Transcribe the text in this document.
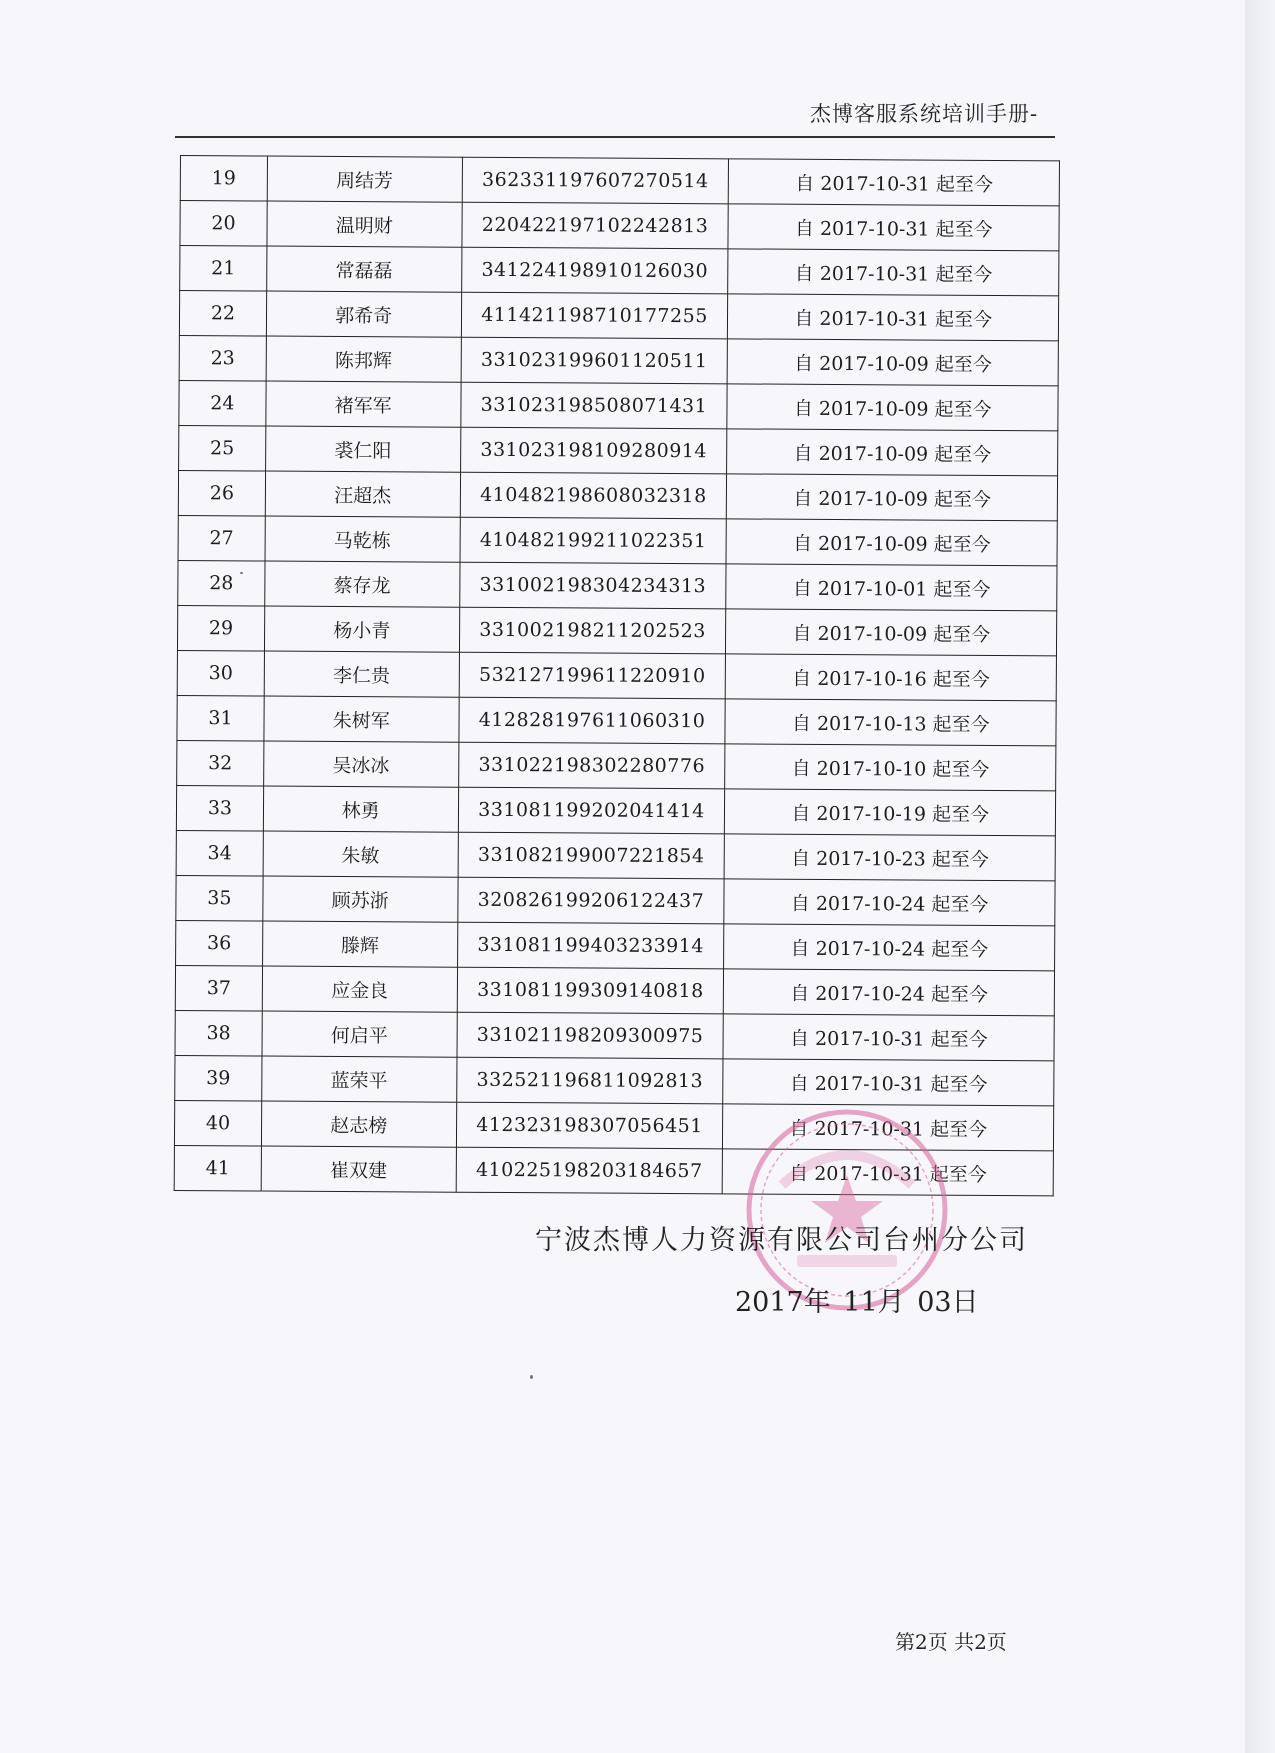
杰博客服系统培训手册-
19	周结芳	362331197607270514	自 2017-10-31 起至今
20	温明财	220422197102242813	自 2017-10-31 起至今
21	常磊磊	341224198910126030	自 2017-10-31 起至今
22	郭希奇	411421198710177255	自 2017-10-31 起至今
23	陈邦辉	331023199601120511	自 2017-10-09 起至今
24	褚军军	331023198508071431	自 2017-10-09 起至今
25	裘仁阳	331023198109280914	自 2017-10-09 起至今
26	汪超杰	410482198608032318	自 2017-10-09 起至今
27	马乾栋	410482199211022351	自 2017-10-09 起至今
28	蔡存龙	331002198304234313	自 2017-10-01 起至今
29	杨小青	331002198211202523	自 2017-10-09 起至今
30	李仁贵	532127199611220910	自 2017-10-16 起至今
31	朱树军	412828197611060310	自 2017-10-13 起至今
32	吴冰冰	331022198302280776	自 2017-10-10 起至今
33	林勇	331081199202041414	自 2017-10-19 起至今
34	朱敏	331082199007221854	自 2017-10-23 起至今
35	顾苏浙	320826199206122437	自 2017-10-24 起至今
36	滕辉	331081199403233914	自 2017-10-24 起至今
37	应金良	331081199309140818	自 2017-10-24 起至今
38	何启平	331021198209300975	自 2017-10-31 起至今
39	蓝荣平	332521196811092813	自 2017-10-31 起至今
40	赵志榜	412323198307056451	自 2017-10-31 起至今
41	崔双建	410225198203184657	自 2017-10-31 起至今
宁波杰博人力资源有限公司台州分公司
2017年 11月 03日
第2页 共2页
